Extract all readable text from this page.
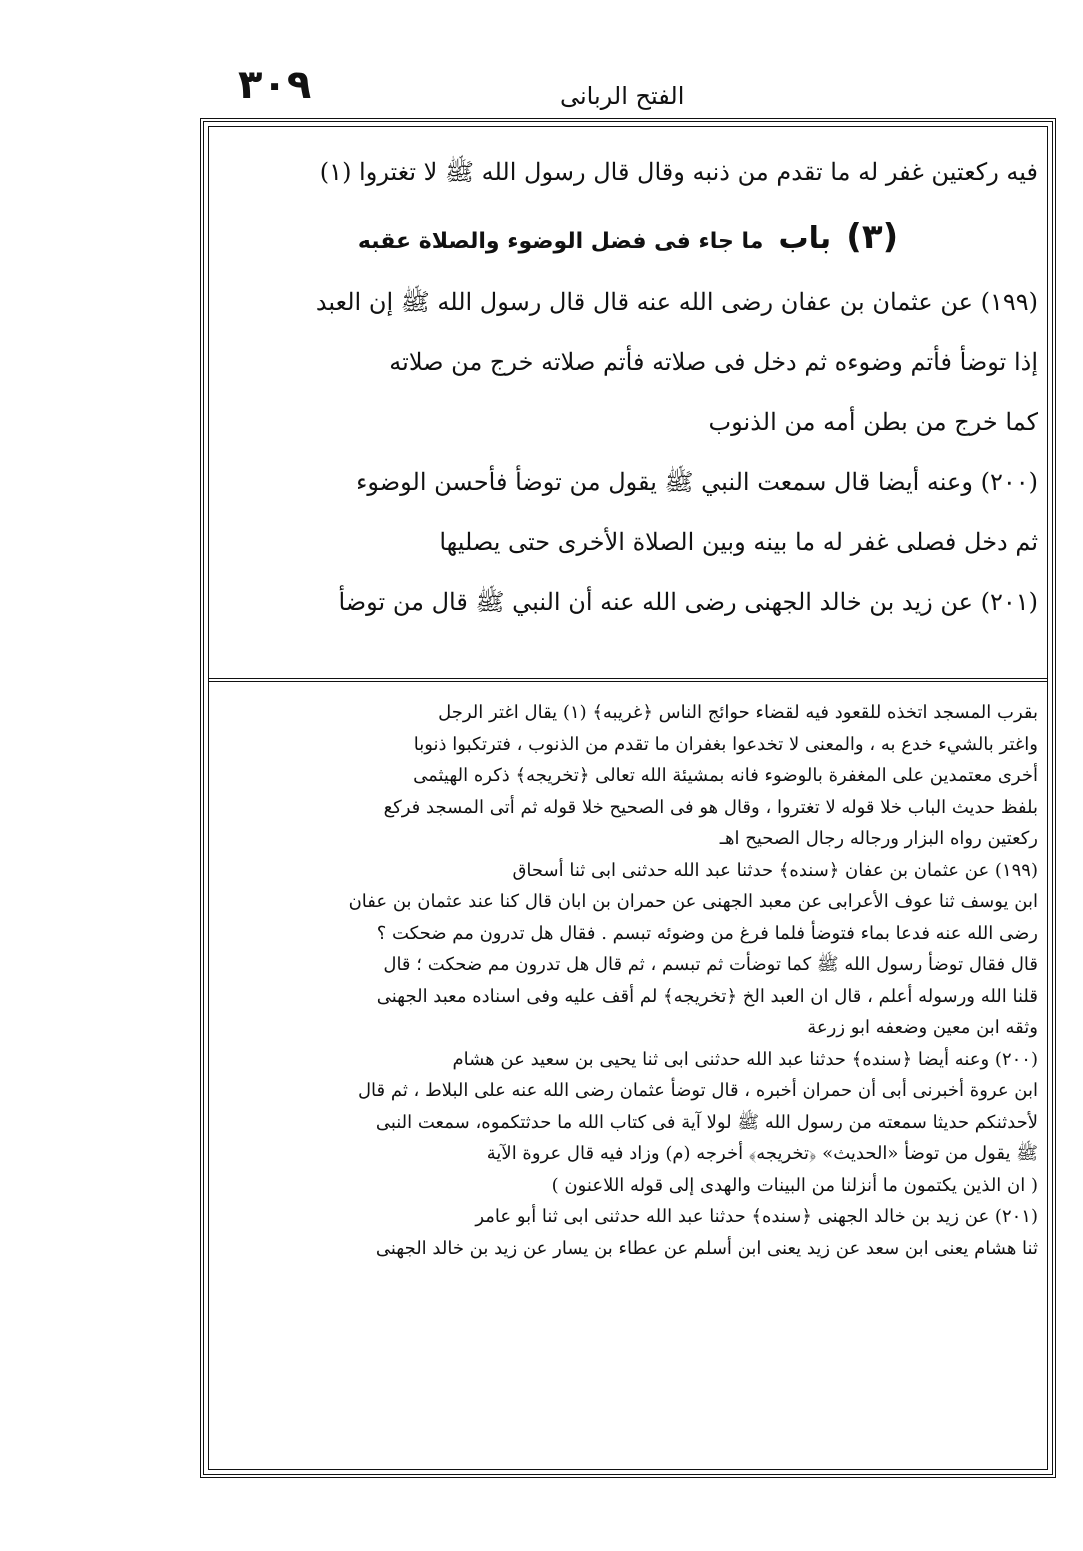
٣٠٩	الفتح الربانى
فيه ركعتين غفر له ما تقدم من ذنبه وقال قال رسول الله ﷺ لا تغتروا (١)
(٣) باب ما جاء فى فضل الوضوء والصلاة عقبه
(١٩٩) عن عثمان بن عفان رضى الله عنه قال قال رسول الله ﷺ إن العبد
إذا توضأ فأتم وضوءه ثم دخل فى صلاته فأتم صلاته خرج من صلاته
كما خرج من بطن أمه من الذنوب
(٢٠٠) وعنه أيضا قال سمعت النبي ﷺ يقول من توضأ فأحسن الوضوء
ثم دخل فصلى غفر له ما بينه وبين الصلاة الأخرى حتى يصليها
(٢٠١) عن زيد بن خالد الجهنى رضى الله عنه أن النبي ﷺ قال من توضأ
بقرب المسجد اتخذه للقعود فيه لقضاء حوائج الناس ﴿غريبه﴾ (١) يقال اغتر الرجل
واغتر بالشيء خدع به ، والمعنى لا تخدعوا بغفران ما تقدم من الذنوب ، فترتكبوا ذنوبا
أخرى معتمدين على المغفرة بالوضوء فانه بمشيئة الله تعالى ﴿تخريجه﴾ ذكره الهيثمى
بلفظ حديث الباب خلا قوله لا تغتروا ، وقال هو فى الصحيح خلا قوله ثم أتى المسجد فركع
ركعتين رواه البزار ورجاله رجال الصحيح اهـ
(١٩٩) عن عثمان بن عفان ﴿سنده﴾ حدثنا عبد الله حدثنى ابى ثنا أسحاق
ابن يوسف ثنا عوف الأعرابى عن معبد الجهنى عن حمران بن ابان قال كنا عند عثمان بن عفان
رضى الله عنه فدعا بماء فتوضأ فلما فرغ من وضوئه تبسم . فقال هل تدرون مم ضحكت ؟
قال فقال توضأ رسول الله ﷺ كما توضأت ثم تبسم ، ثم قال هل تدرون مم ضحكت ؛ قال
قلنا الله ورسوله أعلم ، قال ان العبد الخ ﴿تخريجه﴾ لم أقف عليه وفى اسناده معبد الجهنى
وثقه ابن معين وضعفه ابو زرعة
(٢٠٠) وعنه أيضا ﴿سنده﴾ حدثنا عبد الله حدثنى ابى ثنا يحيى بن سعيد عن هشام
ابن عروة أخبرنى أبى أن حمران أخبره ، قال توضأ عثمان رضى الله عنه على البلاط ، ثم قال
لأحدثنكم حديثا سمعته من رسول الله ﷺ لولا آية فى كتاب الله ما حدثتكموه، سمعت النبى
ﷺ يقول من توضأ «الحديث» ﴿تخريجه﴾ أخرجه (م) وزاد فيه قال عروة الآية
( ان الذين يكتمون ما أنزلنا من البينات والهدى إلى قوله اللاعنون )
(٢٠١) عن زيد بن خالد الجهنى ﴿سنده﴾ حدثنا عبد الله حدثنى ابى ثنا أبو عامر
ثنا هشام يعنى ابن سعد عن زيد يعنى ابن أسلم عن عطاء بن يسار عن زيد بن خالد الجهنى
